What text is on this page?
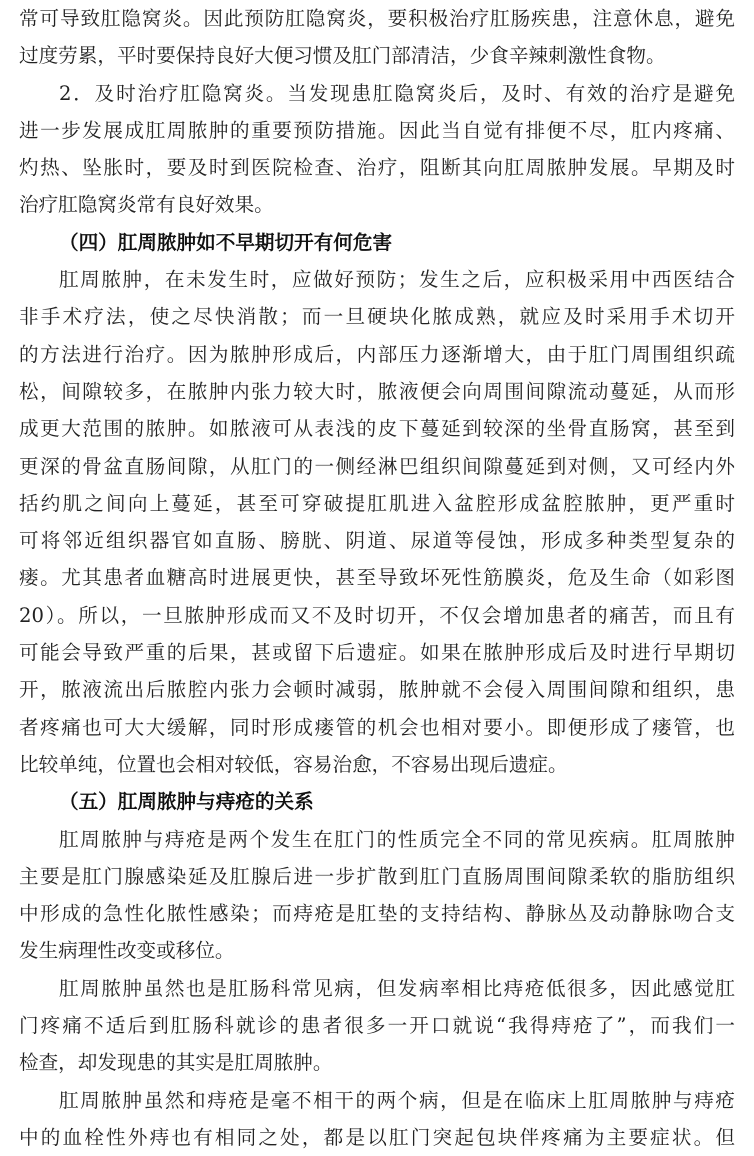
常可导致肛隐窝炎。因此预防肛隐窝炎，要积极治疗肛肠疾患，注意休息，避免
过度劳累，平时要保持良好大便习惯及肛门部清洁，少食辛辣刺激性食物。
2．及时治疗肛隐窝炎。当发现患肛隐窝炎后，及时、有效的治疗是避免
进一步发展成肛周脓肿的重要预防措施。因此当自觉有排便不尽，肛内疼痛、
灼热、坠胀时，要及时到医院检查、治疗，阻断其向肛周脓肿发展。早期及时
治疗肛隐窝炎常有良好效果。
（四）肛周脓肿如不早期切开有何危害
肛周脓肿，在未发生时，应做好预防；发生之后，应积极采用中西医结合
非手术疗法，使之尽快消散；而一旦硬块化脓成熟，就应及时采用手术切开
的方法进行治疗。因为脓肿形成后，内部压力逐渐增大，由于肛门周围组织疏
松，间隙较多，在脓肿内张力较大时，脓液便会向周围间隙流动蔓延，从而形
成更大范围的脓肿。如脓液可从表浅的皮下蔓延到较深的坐骨直肠窝，甚至到
更深的骨盆直肠间隙，从肛门的一侧经淋巴组织间隙蔓延到对侧，又可经内外
括约肌之间向上蔓延，甚至可穿破提肛肌进入盆腔形成盆腔脓肿，更严重时
可将邻近组织器官如直肠、膀胱、阴道、尿道等侵蚀，形成多种类型复杂的
瘘。尤其患者血糖高时进展更快，甚至导致坏死性筋膜炎，危及生命（如彩图
20）。所以，一旦脓肿形成而又不及时切开，不仅会增加患者的痛苦，而且有
可能会导致严重的后果，甚或留下后遗症。如果在脓肿形成后及时进行早期切
开，脓液流出后脓腔内张力会顿时减弱，脓肿就不会侵入周围间隙和组织，患
者疼痛也可大大缓解，同时形成瘘管的机会也相对要小。即便形成了瘘管，也
比较单纯，位置也会相对较低，容易治愈，不容易出现后遗症。
（五）肛周脓肿与痔疮的关系
肛周脓肿与痔疮是两个发生在肛门的性质完全不同的常见疾病。肛周脓肿
主要是肛门腺感染延及肛腺后进一步扩散到肛门直肠周围间隙柔软的脂肪组织
中形成的急性化脓性感染；而痔疮是肛垫的支持结构、静脉丛及动静脉吻合支
发生病理性改变或移位。
肛周脓肿虽然也是肛肠科常见病，但发病率相比痔疮低很多，因此感觉肛
门疼痛不适后到肛肠科就诊的患者很多一开口就说“我得痔疮了”，而我们一
检查，却发现患的其实是肛周脓肿。
肛周脓肿虽然和痔疮是毫不相干的两个病，但是在临床上肛周脓肿与痔疮
中的血栓性外痔也有相同之处，都是以肛门突起包块伴疼痛为主要症状。但
